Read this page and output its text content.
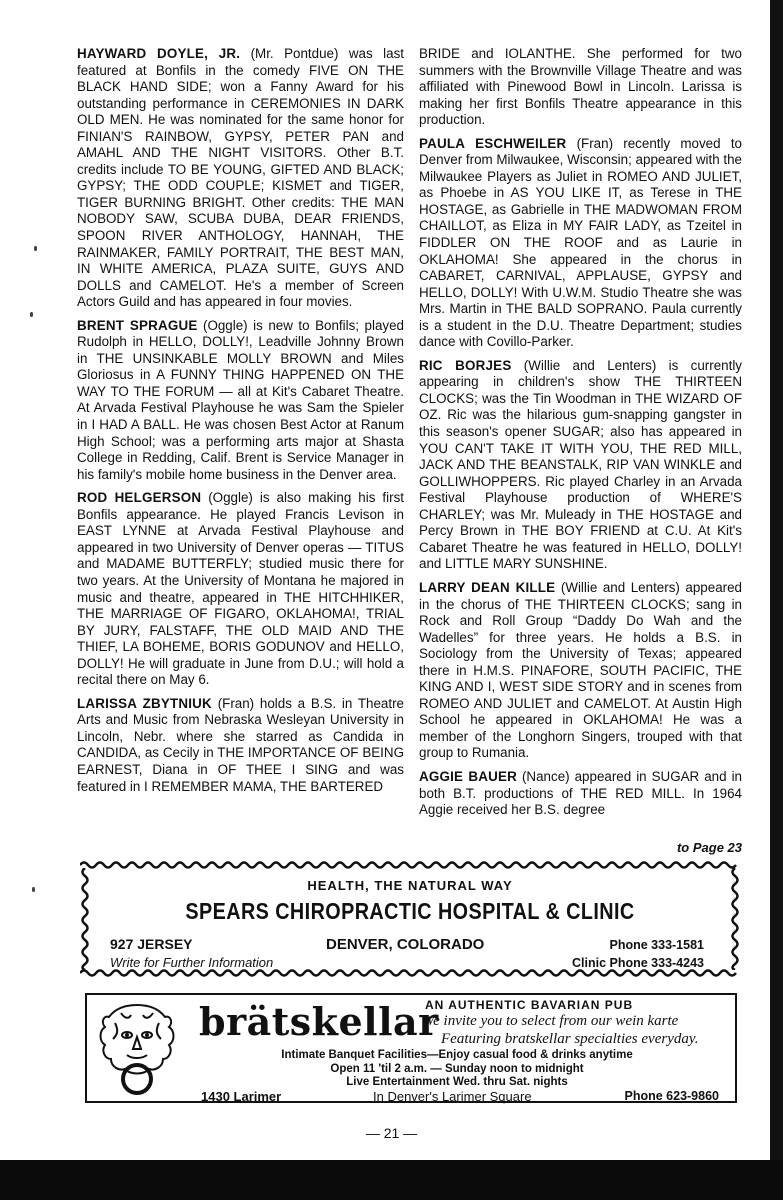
HAYWARD DOYLE, JR. (Mr. Pontdue) was last featured at Bonfils in the comedy FIVE ON THE BLACK HAND SIDE; won a Fanny Award for his outstanding performance in CEREMONIES IN DARK OLD MEN. He was nominated for the same honor for FINIAN'S RAINBOW, GYPSY, PETER PAN and AMAHL AND THE NIGHT VISITORS. Other B.T. credits include TO BE YOUNG, GIFTED AND BLACK; GYPSY; THE ODD COUPLE; KISMET and TIGER, TIGER BURNING BRIGHT. Other credits: THE MAN NOBODY SAW, SCUBA DUBA, DEAR FRIENDS, SPOON RIVER ANTHOLOGY, HANNAH, THE RAINMAKER, FAMILY PORTRAIT, THE BEST MAN, IN WHITE AMERICA, PLAZA SUITE, GUYS AND DOLLS and CAMELOT. He's a member of Screen Actors Guild and has appeared in four movies.

BRENT SPRAGUE (Oggle) is new to Bonfils; played Rudolph in HELLO, DOLLY!, Leadville Johnny Brown in THE UNSINKABLE MOLLY BROWN and Miles Gloriosus in A FUNNY THING HAPPENED ON THE WAY TO THE FORUM — all at Kit's Cabaret Theatre. At Arvada Festival Playhouse he was Sam the Spieler in I HAD A BALL. He was chosen Best Actor at Ranum High School; was a performing arts major at Shasta College in Redding, Calif. Brent is Service Manager in his family's mobile home business in the Denver area.

ROD HELGERSON (Oggle) is also making his first Bonfils appearance. He played Francis Levison in EAST LYNNE at Arvada Festival Playhouse and appeared in two University of Denver operas — TITUS and MADAME BUTTERFLY; studied music there for two years. At the University of Montana he majored in music and theatre, appeared in THE HITCHHIKER, THE MARRIAGE OF FIGARO, OKLAHOMA!, TRIAL BY JURY, FALSTAFF, THE OLD MAID AND THE THIEF, LA BOHEME, BORIS GODUNOV and HELLO, DOLLY! He will graduate in June from D.U.; will hold a recital there on May 6.

LARISSA ZBYTNIUK (Fran) holds a B.S. in Theatre Arts and Music from Nebraska Wesleyan University in Lincoln, Nebr. where she starred as Candida in CANDIDA, as Cecily in THE IMPORTANCE OF BEING EARNEST, Diana in OF THEE I SING and was featured in I REMEMBER MAMA, THE BARTERED

BRIDE and IOLANTHE. She performed for two summers with the Brownville Village Theatre and was affiliated with Pinewood Bowl in Lincoln. Larissa is making her first Bonfils Theatre appearance in this production.

PAULA ESCHWEILER (Fran) recently moved to Denver from Milwaukee, Wisconsin; appeared with the Milwaukee Players as Juliet in ROMEO AND JULIET, as Phoebe in AS YOU LIKE IT, as Terese in THE HOSTAGE, as Gabrielle in THE MADWOMAN FROM CHAILLOT, as Eliza in MY FAIR LADY, as Tzeitel in FIDDLER ON THE ROOF and as Laurie in OKLAHOMA! She appeared in the chorus in CABARET, CARNIVAL, APPLAUSE, GYPSY and HELLO, DOLLY! With U.W.M. Studio Theatre she was Mrs. Martin in THE BALD SOPRANO. Paula currently is a student in the D.U. Theatre Department; studies dance with Covillo-Parker.

RIC BORJES (Willie and Lenters) is currently appearing in children's show THE THIRTEEN CLOCKS; was the Tin Woodman in THE WIZARD OF OZ. Ric was the hilarious gum-snapping gangster in this season's opener SUGAR; also has appeared in YOU CAN'T TAKE IT WITH YOU, THE RED MILL, JACK AND THE BEANSTALK, RIP VAN WINKLE and GOLLIWHOPPERS. Ric played Charley in an Arvada Festival Playhouse production of WHERE'S CHARLEY; was Mr. Muleady in THE HOSTAGE and Percy Brown in THE BOY FRIEND at C.U. At Kit's Cabaret Theatre he was featured in HELLO, DOLLY! and LITTLE MARY SUNSHINE.

LARRY DEAN KILLE (Willie and Lenters) appeared in the chorus of THE THIRTEEN CLOCKS; sang in Rock and Roll Group “Daddy Do Wah and the Wadelles” for three years. He holds a B.S. in Sociology from the University of Texas; appeared there in H.M.S. PINAFORE, SOUTH PACIFIC, THE KING AND I, WEST SIDE STORY and in scenes from ROMEO AND JULIET and CAMELOT. At Austin High School he appeared in OKLAHOMA! He was a member of the Longhorn Singers, trouped with that group to Rumania.

AGGIE BAUER (Nance) appeared in SUGAR and in both B.T. productions of THE RED MILL. In 1964 Aggie received her B.S. degree

to Page 23
HEALTH, THE NATURAL WAY
SPEARS CHIROPRACTIC HOSPITAL & CLINIC
927 JERSEY	DENVER, COLORADO
Write for Further Information
Phone 333-1581
Clinic Phone 333-4243
brätskellar
AN AUTHENTIC BAVARIAN PUB
We invite you to select from our wein karte
Featuring bratskellar specialties everyday.
Intimate Banquet Facilities—Enjoy casual food & drinks anytime
Open 11 'til 2 a.m. — Sunday noon to midnight
Live Entertainment Wed. thru Sat. nights
1430 Larimer	In Denver's Larimer Square	Phone 623-9860
— 21 —
